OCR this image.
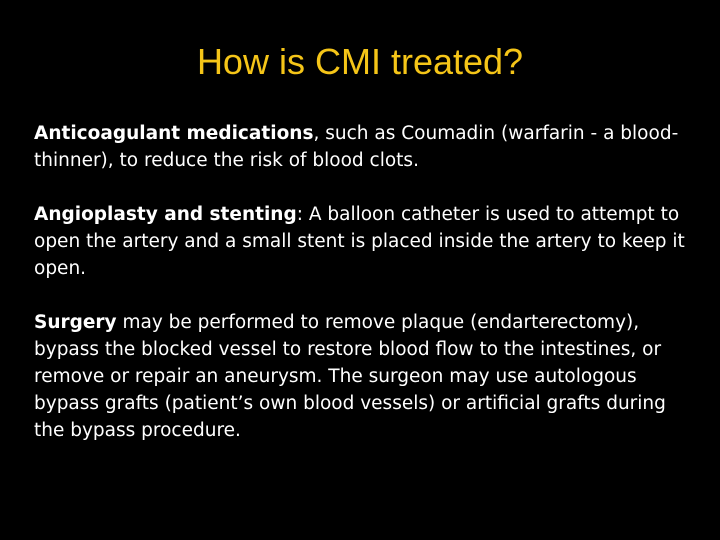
How is CMI treated?

Anticoagulant medications, such as Coumadin (warfarin - a blood-thinner), to reduce the risk of blood clots.

Angioplasty and stenting: A balloon catheter is used to attempt to open the artery and a small stent is placed inside the artery to keep it open.

Surgery may be performed to remove plaque (endarterectomy), bypass the blocked vessel to restore blood flow to the intestines, or remove or repair an aneurysm. The surgeon may use autologous bypass grafts (patient’s own blood vessels) or artificial grafts during the bypass procedure.
